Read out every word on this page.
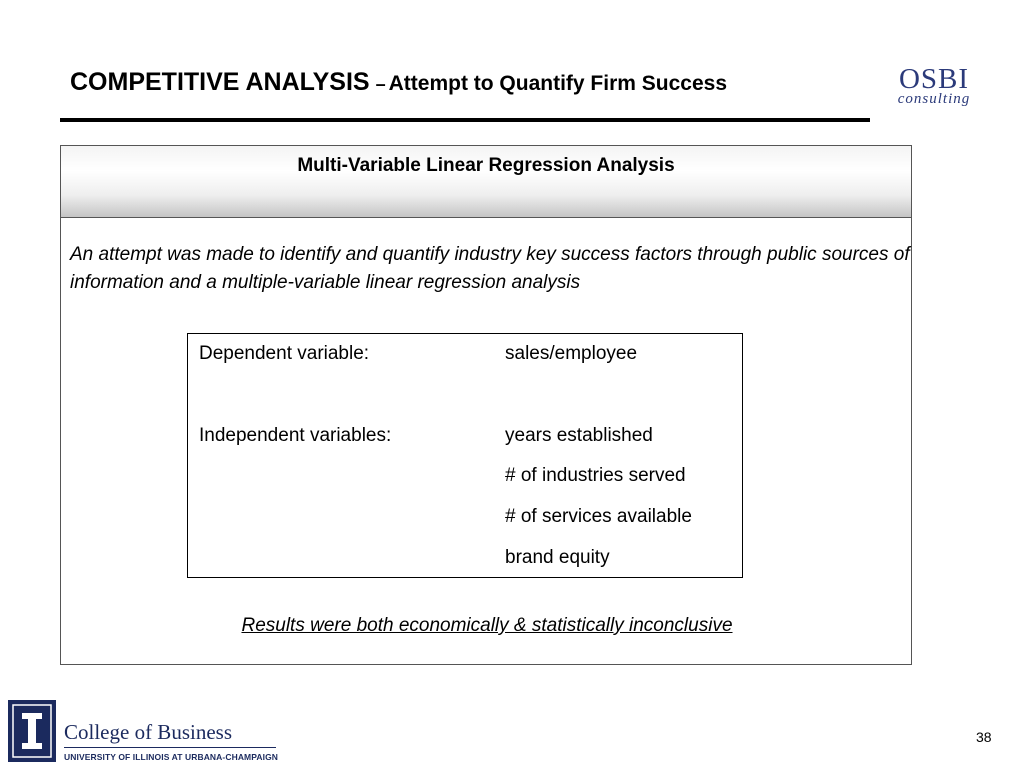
COMPETITIVE ANALYSIS – Attempt to Quantify Firm Success	OSBI
consulting
Multi-Variable Linear Regression Analysis
An attempt was made to identify and quantify industry key success factors through public sources of information and a multiple-variable linear regression analysis
Dependent variable:	sales/employee
Independent variables:	years established
# of industries served
# of services available
brand equity
Results were both economically & statistically inconclusive
College of Business
UNIVERSITY OF ILLINOIS AT URBANA-CHAMPAIGN
38
